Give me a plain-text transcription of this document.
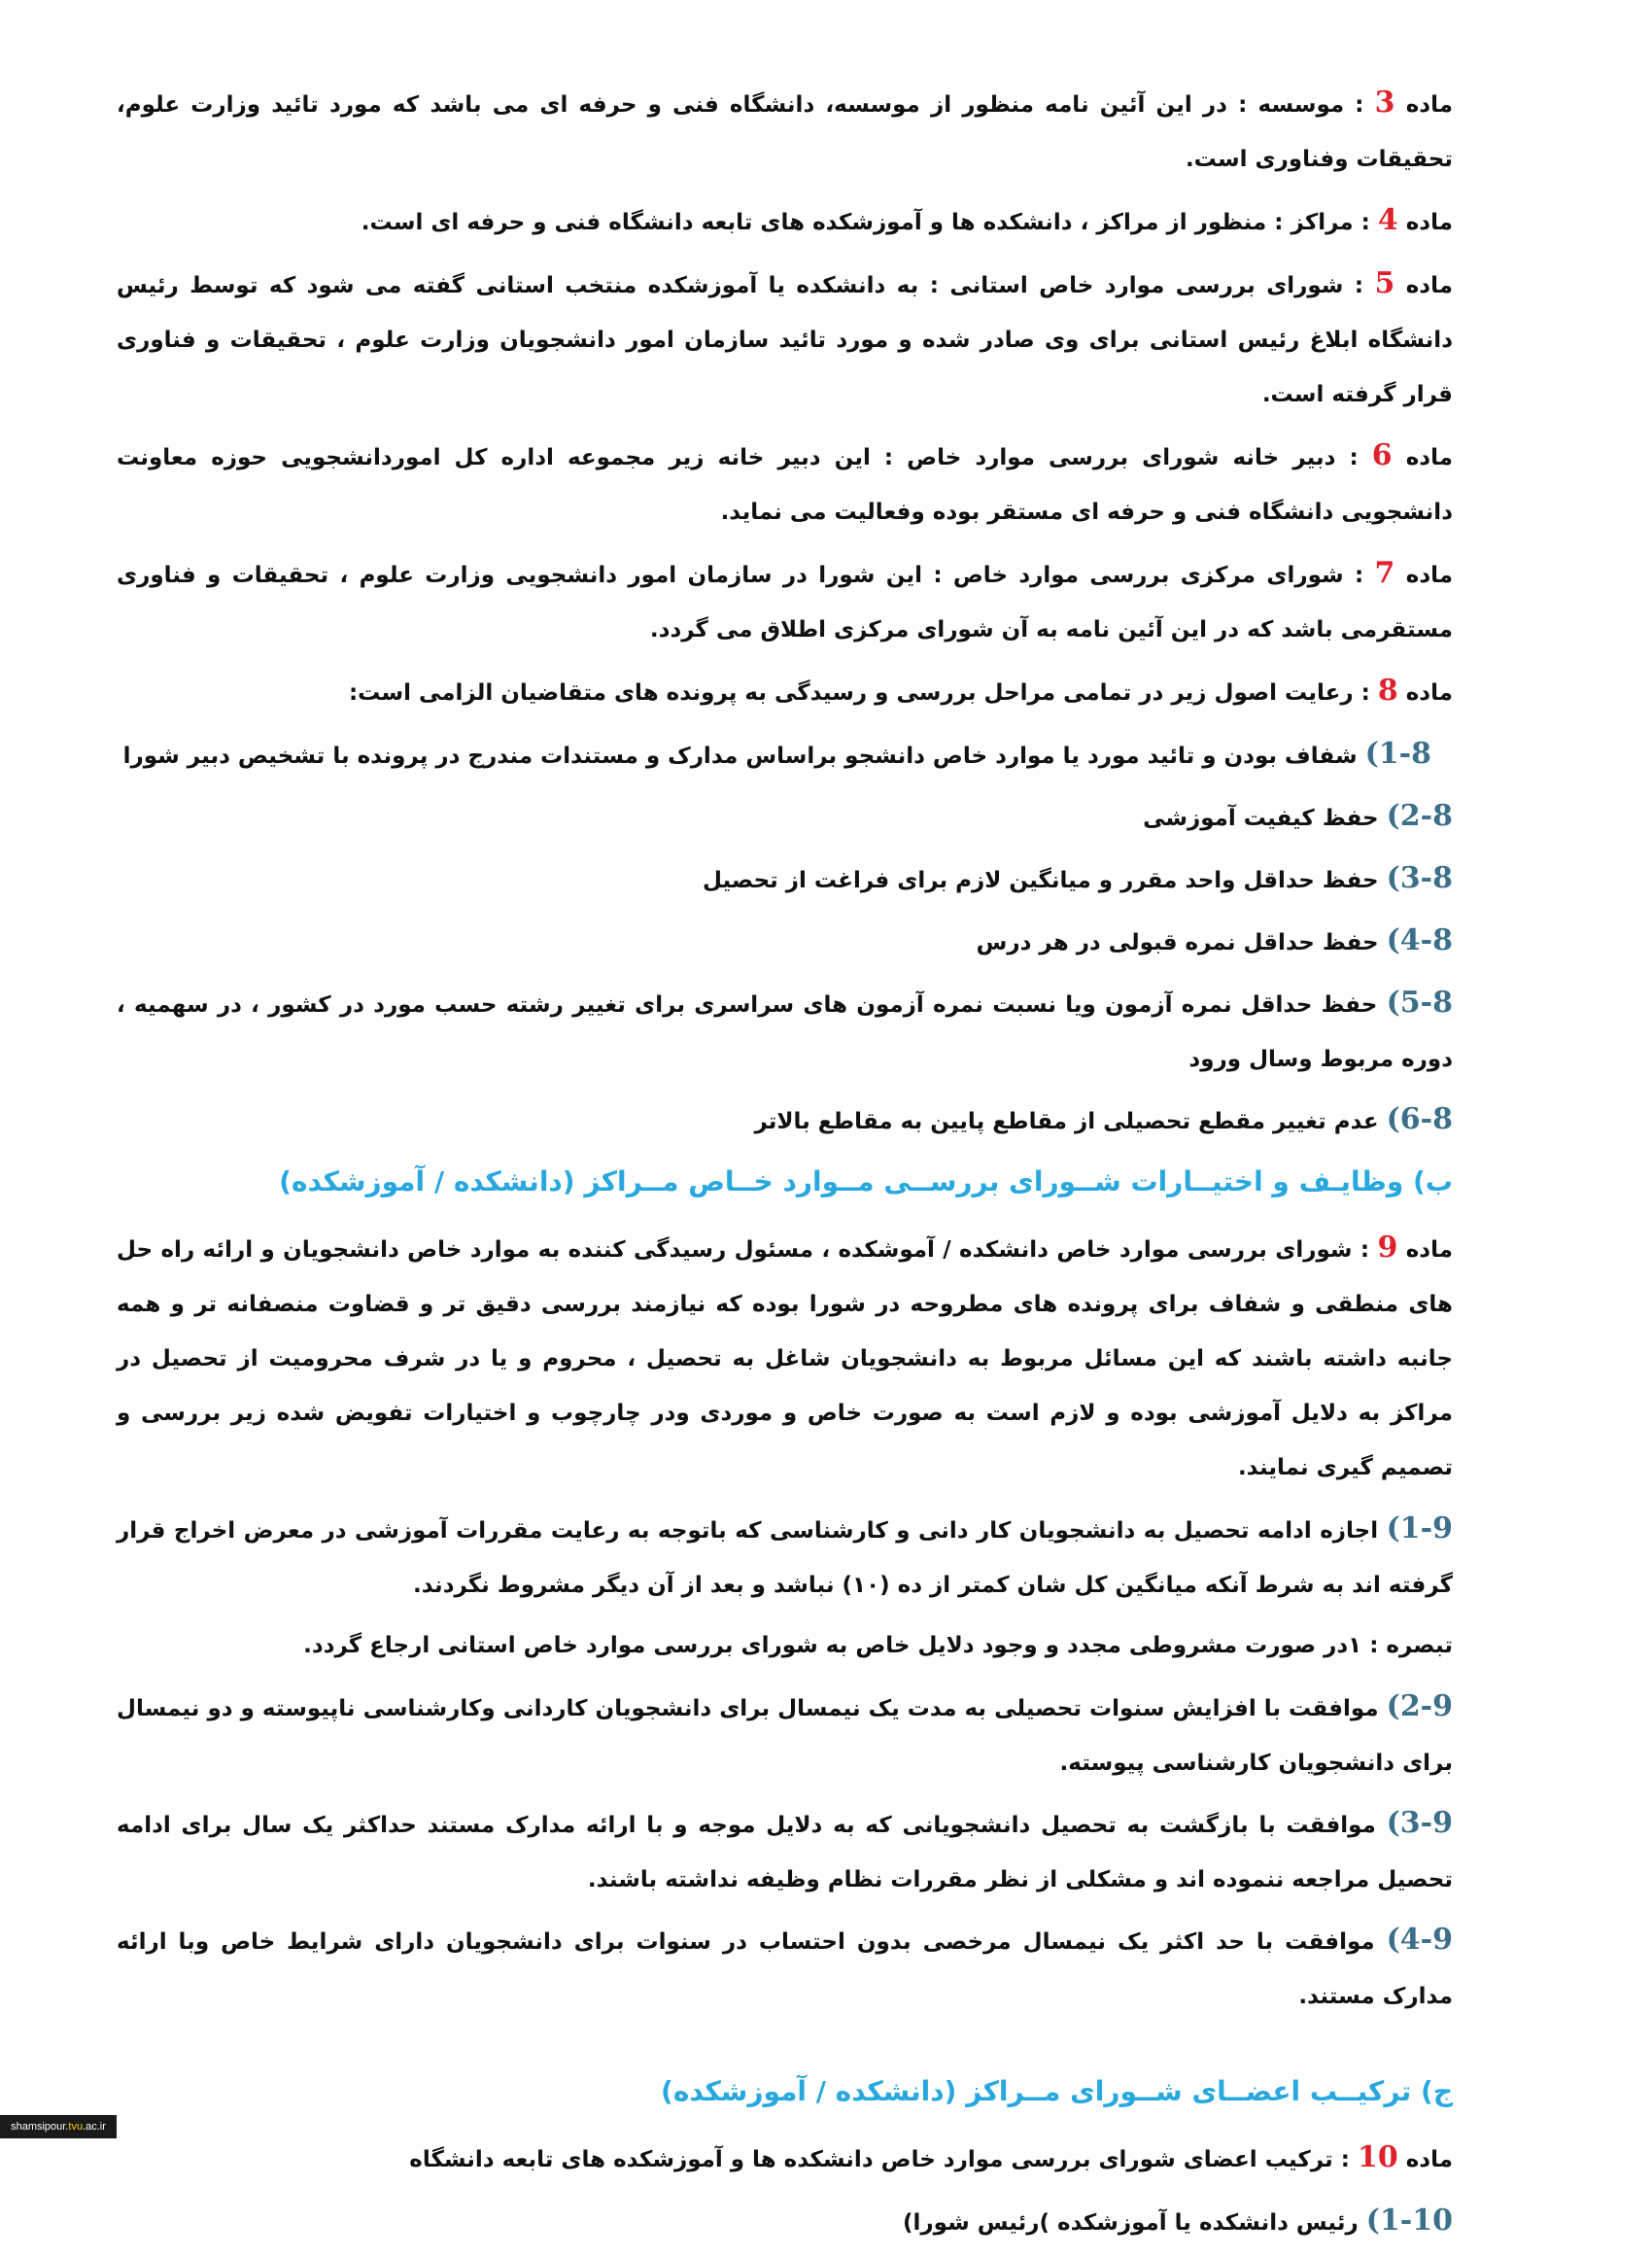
ماده 3 : موسسه : در این آئین نامه منظور از موسسه، دانشگاه فنی و حرفه ای می باشد که مورد تائید وزارت علوم، تحقیقات وفناوری است.

ماده 4 : مراکز : منظور از مراکز ، دانشکده ها و آموزشکده های تابعه دانشگاه فنی و حرفه ای است.

ماده 5 : شورای بررسی موارد خاص استانی : به دانشکده یا آموزشکده منتخب استانی گفته می شود که توسط رئیس دانشگاه ابلاغ رئیس استانی برای وی صادر شده و مورد تائید سازمان امور دانشجویان وزارت علوم ، تحقیقات و فناوری قرار گرفته است.

ماده 6 : دبیر خانه شورای بررسی موارد خاص : این دبیر خانه زیر مجموعه اداره کل اموردانشجویی حوزه معاونت دانشجویی دانشگاه فنی و حرفه ای مستقر بوده وفعالیت می نماید.

ماده 7 : شورای مرکزی بررسی موارد خاص : این شورا در سازمان امور دانشجویی وزارت علوم ، تحقیقات و فناوری مستقرمی باشد که در این آئین نامه به آن شورای مرکزی اطلاق می گردد.

ماده 8 : رعایت اصول زیر در تمامی مراحل بررسی و رسیدگی به پرونده های متقاضیان الزامی است:

1-8) شفاف بودن و تائید مورد یا موارد خاص دانشجو براساس مدارک و مستندات مندرج در پرونده با تشخیص دبیر شورا
2-8) حفظ کیفیت آموزشی
3-8) حفظ حداقل واحد مقرر و میانگین لازم برای فراغت از تحصیل
4-8) حفظ حداقل نمره قبولی در هر درس
5-8) حفظ حداقل نمره آزمون ویا نسبت نمره آزمون های سراسری برای تغییر رشته حسب مورد در کشور ، در سهمیه ، دوره مربوط وسال ورود
6-8) عدم تغییر مقطع تحصیلی از مقاطع پایین به مقاطع بالاتر
ب) وظایـف و اختیــارات شــورای بررســی مــوارد خــاص مــراکز (دانشکده / آموزشکده)

ماده 9 : شورای بررسی موارد خاص دانشکده / آموشکده ، مسئول رسیدگی کننده به موارد خاص دانشجویان و ارائه راه حل های منطقی و شفاف برای پرونده های مطروحه در شورا بوده که نیازمند بررسی دقیق تر و قضاوت منصفانه تر و همه جانبه داشته باشند که این مسائل مربوط به دانشجویان شاغل به تحصیل ، محروم و یا در شرف محرومیت از تحصیل در مراکز به دلایل آموزشی بوده و لازم است به صورت خاص و موردی ودر چارچوب و اختیارات تفویض شده زیر بررسی و تصمیم گیری نمایند.

1-9) اجازه ادامه تحصیل به دانشجویان کار دانی و کارشناسی که باتوجه به رعایت مقررات آموزشی در معرض اخراج قرار گرفته اند به شرط آنکه میانگین کل شان کمتر از ده (۱۰) نباشد و بعد از آن دیگر مشروط نگردند.

تبصره : ۱در صورت مشروطی مجدد و وجود دلایل خاص به شورای بررسی موارد خاص استانی ارجاع گردد.

2-9) موافقت با افزایش سنوات تحصیلی به مدت یک نیمسال برای دانشجویان کاردانی وکارشناسی ناپیوسته و دو نیمسال برای دانشجویان کارشناسی پیوسته.
3-9) موافقت با بازگشت به تحصیل دانشجویانی که به دلایل موجه و با ارائه مدارک مستند حداکثر یک سال برای ادامه تحصیل مراجعه ننموده اند و مشکلی از نظر مقررات نظام وظیفه نداشته باشند.
4-9) موافقت با حد اکثر یک نیمسال مرخصی بدون احتساب در سنوات برای دانشجویان دارای شرایط خاص وبا ارائه مدارک مستند.
ج) ترکیــب اعضــای شــورای مــراکز (دانشکده / آموزشکده)

ماده 10 : ترکیب اعضای شورای بررسی موارد خاص دانشکده ها و آموزشکده های تابعه دانشگاه

1-10) رئیس دانشکده یا آموزشکده )رئیس شورا)
shamsipour.tvu.ac.ir
